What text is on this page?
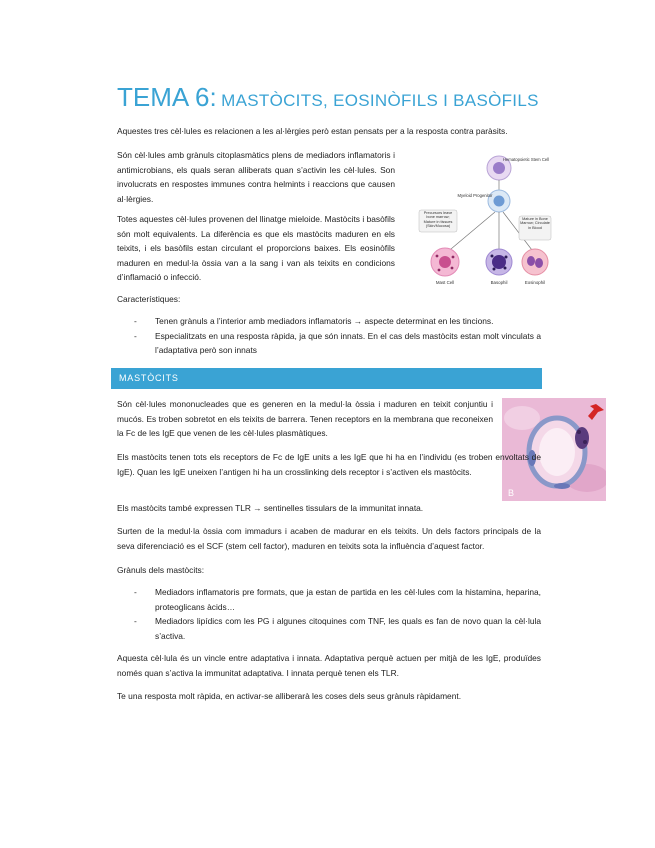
TEMA 6: MASTÒCITS, EOSINÒFILS I BASÒFILS

Aquestes tres cèl·lules es relacionen a les al·lèrgies però estan pensats per a la resposta contra paràsits.

Són cèl·lules amb grànuls citoplasmàtics plens de mediadors inflamatoris i antimicrobians, els quals seran alliberats quan s’activin les cèl·lules. Son involucrats en respostes immunes contra helmints i reaccions que causen al·lèrgies.

Totes aquestes cèl·lules provenen del llinatge mieloide. Mastòcits i basòfils són molt equivalents. La diferència es que els mastòcits maduren en els teixits, i els basòfils estan circulant el proporcions baixes. Els eosinòfils maduren en medul·la òssia van a la sang i van als teixits en condicions d’inflamació o infecció.

Hematopoietic Stem Cell
Myeloid Progenitor
Precursors leave bone marrow; Mature in tissues (Skin/Mucosa)
Mature in Bone Marrow; Circulate in Blood
Mast Cell	Basophil	Eosinophil

Característiques:

- Tenen grànuls a l’interior amb mediadors inflamatoris → aspecte determinat en les tincions.
- Especialitzats en una resposta ràpida, ja que són innats. En el cas dels mastòcits estan molt vinculats a l’adaptativa però son innats
MASTÒCITS

Són cèl·lules mononucleades que es generen en la medul·la òssia i maduren en teixit conjuntiu i mucós. Es troben sobretot en els teixits de barrera. Tenen receptors en la membrana que reconeixen la Fc de les IgE que venen de les cèl·lules plasmàtiques.

B

Els mastòcits tenen tots els receptors de Fc de IgE units a les IgE que hi ha en l’individu (es troben envoltats de IgE). Quan les IgE uneixen l’antigen hi ha un crosslinking dels receptor i s’activen els mastòcits.

Els mastòcits també expressen TLR → sentinelles tissulars de la immunitat innata.

Surten de la medul·la òssia com immadurs i acaben de madurar en els teixits. Un dels factors principals de la seva diferenciació es el SCF (stem cell factor), maduren en teixits sota la influència d’aquest factor.

Grànuls dels mastòcits:

- Mediadors inflamatoris pre formats, que ja estan de partida en les cèl·lules com la histamina, heparina, proteoglicans àcids…
- Mediadors lipídics com les PG i algunes citoquines com TNF, les quals es fan de novo quan la cèl·lula s’activa.

Aquesta cèl·lula és un vincle entre adaptativa i innata. Adaptativa perquè actuen per mitjà de les IgE, produïdes només quan s’activa la immunitat adaptativa. I innata perquè tenen els TLR.

Te una resposta molt ràpida, en activar-se alliberarà les coses dels seus grànuls ràpidament.
